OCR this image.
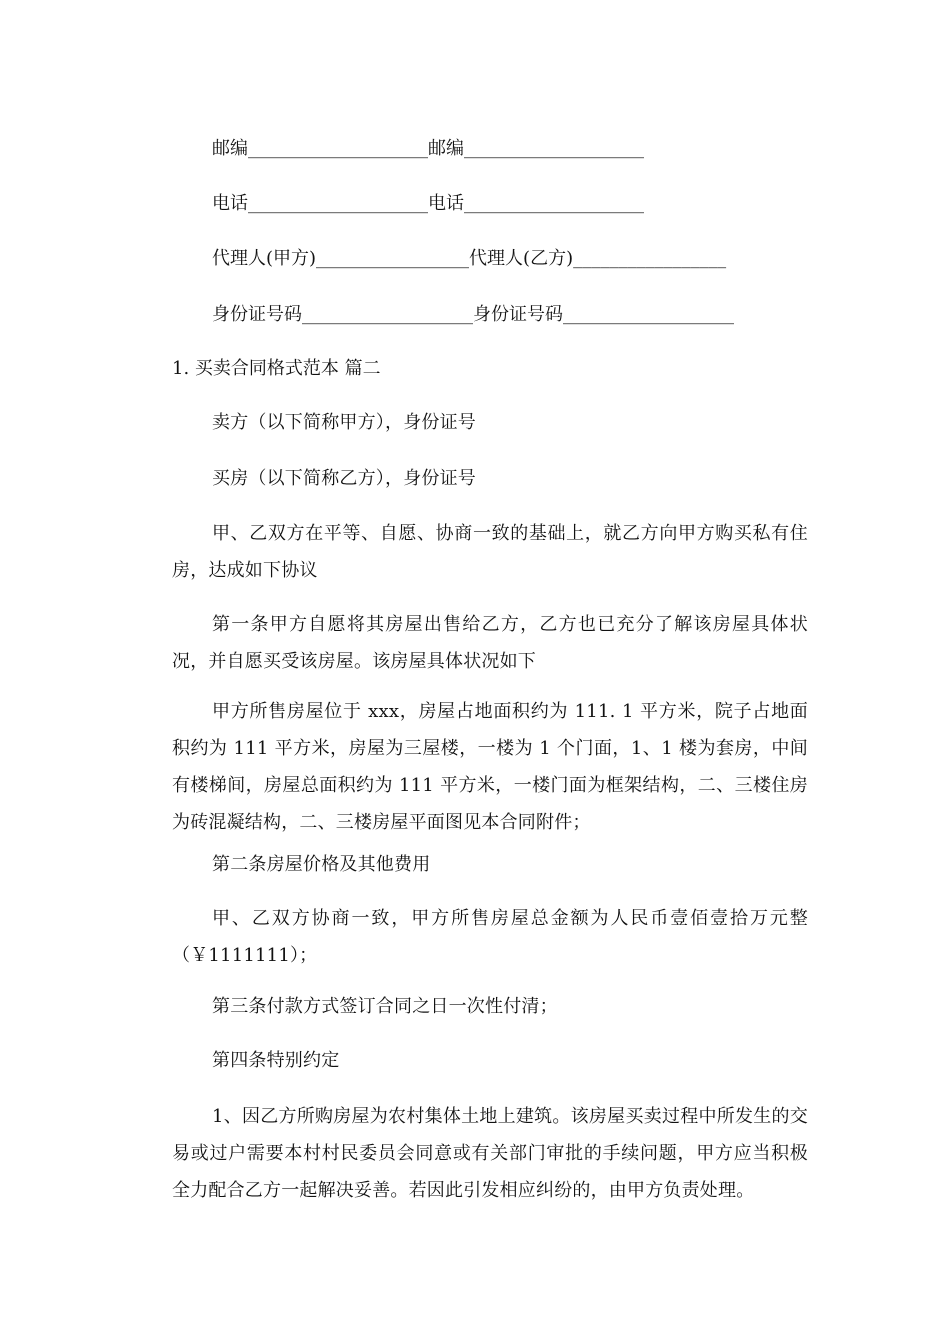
邮编____________________邮编____________________
电话____________________电话____________________
代理人(甲方)_________________代理人(乙方)_________________
身份证号码___________________身份证号码___________________
1. 买卖合同格式范本 篇二
卖方（以下简称甲方），身份证号
买房（以下简称乙方），身份证号
甲、乙双方在平等、自愿、协商一致的基础上，就乙方向甲方购买私有住房，达成如下协议
第一条甲方自愿将其房屋出售给乙方，乙方也已充分了解该房屋具体状况，并自愿买受该房屋。该房屋具体状况如下
甲方所售房屋位于 xxx，房屋占地面积约为 111. 1 平方米，院子占地面积约为 111 平方米，房屋为三屋楼，一楼为 1 个门面，1、1 楼为套房，中间有楼梯间，房屋总面积约为 111 平方米，一楼门面为框架结构，二、三楼住房为砖混凝结构，二、三楼房屋平面图见本合同附件；
第二条房屋价格及其他费用
甲、乙双方协商一致，甲方所售房屋总金额为人民币壹佰壹拾万元整（￥1111111）；
第三条付款方式签订合同之日一次性付清；
第四条特别约定
1、因乙方所购房屋为农村集体土地上建筑。该房屋买卖过程中所发生的交易或过户需要本村村民委员会同意或有关部门审批的手续问题，甲方应当积极全力配合乙方一起解决妥善。若因此引发相应纠纷的，由甲方负责处理。
